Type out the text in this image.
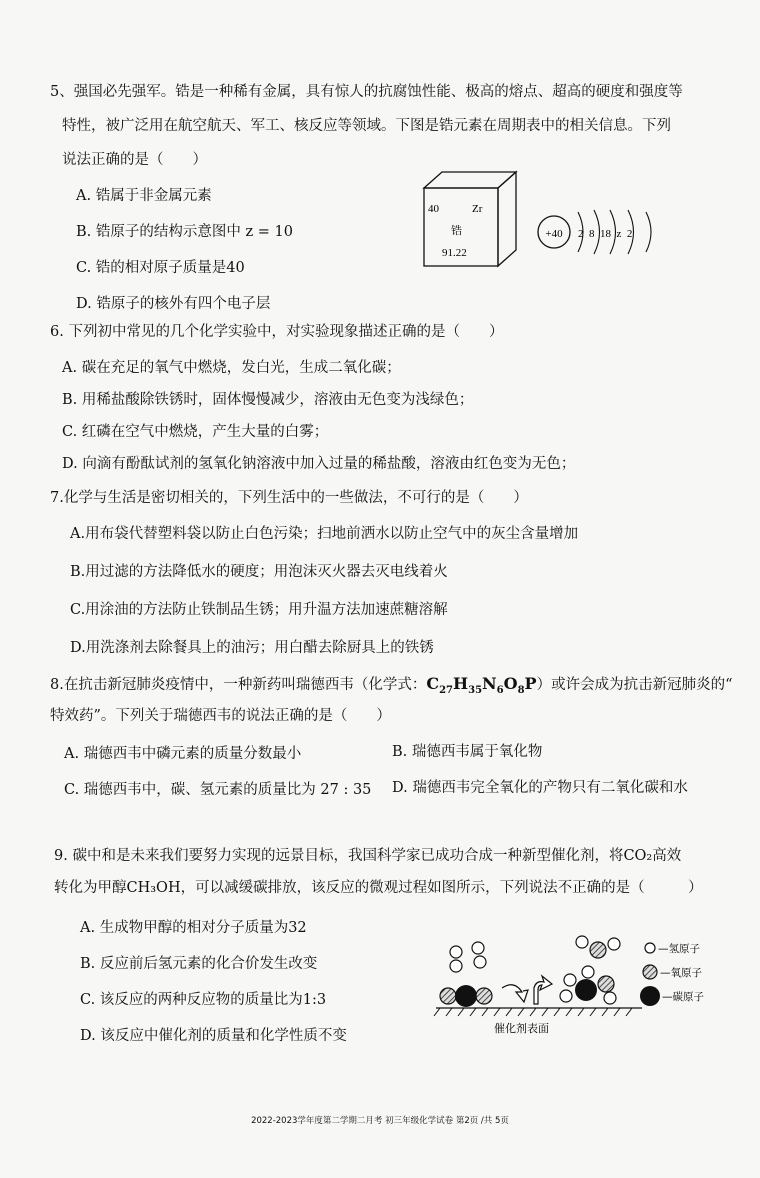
5、强国必先强军。锆是一种稀有金属，具有惊人的抗腐蚀性能、极高的熔点、超高的硬度和强度等
特性，被广泛用在航空航天、军工、核反应等领域。下图是锆元素在周期表中的相关信息。下列
说法正确的是（　　）
A. 锆属于非金属元素
B. 锆原子的结构示意图中 z = 10
C. 锆的相对原子质量是40
D. 锆原子的核外有四个电子层
40	Zr
锆
91.22
+40 2  8  18  z  2
6. 下列初中常见的几个化学实验中，对实验现象描述正确的是（　　）
A. 碳在充足的氧气中燃烧，发白光，生成二氧化碳；
B. 用稀盐酸除铁锈时，固体慢慢减少，溶液由无色变为浅绿色；
C. 红磷在空气中燃烧，产生大量的白雾；
D. 向滴有酚酞试剂的氢氧化钠溶液中加入过量的稀盐酸，溶液由红色变为无色；
7.化学与生活是密切相关的，下列生活中的一些做法，不可行的是（　　）
A.用布袋代替塑料袋以防止白色污染；扫地前洒水以防止空气中的灰尘含量增加
B.用过滤的方法降低水的硬度；用泡沫灭火器去灭电线着火
C.用涂油的方法防止铁制品生锈；用升温方法加速蔗糖溶解
D.用洗涤剂去除餐具上的油污；用白醋去除厨具上的铁锈
8.在抗击新冠肺炎疫情中，一种新药叫瑞德西韦（化学式：$C_{27}H_{35}N_6O_8P$）或许会成为抗击新冠肺炎的“
特效药”。下列关于瑞德西韦的说法正确的是（　　）
A. 瑞德西韦中磷元素的质量分数最小	B. 瑞德西韦属于氧化物
C. 瑞德西韦中，碳、氢元素的质量比为 27 : 35 D. 瑞德西韦完全氧化的产物只有二氧化碳和水
9. 碳中和是未来我们要努力实现的远景目标，我国科学家已成功合成一种新型催化剂，将CO₂高效
转化为甲醇CH₃OH，可以减缓碳排放，该反应的微观过程如图所示，下列说法不正确的是（　　　）
A. 生成物甲醇的相对分子质量为32
B. 反应前后氢元素的化合价发生改变
C. 该反应的两种反应物的质量比为1:3
D. 该反应中催化剂的质量和化学性质不变	催化剂表面
—氢原子
—氧原子
—碳原子
2022-2023学年度第二学期二月考 初三年级化学试卷 第2页 /共 5页
